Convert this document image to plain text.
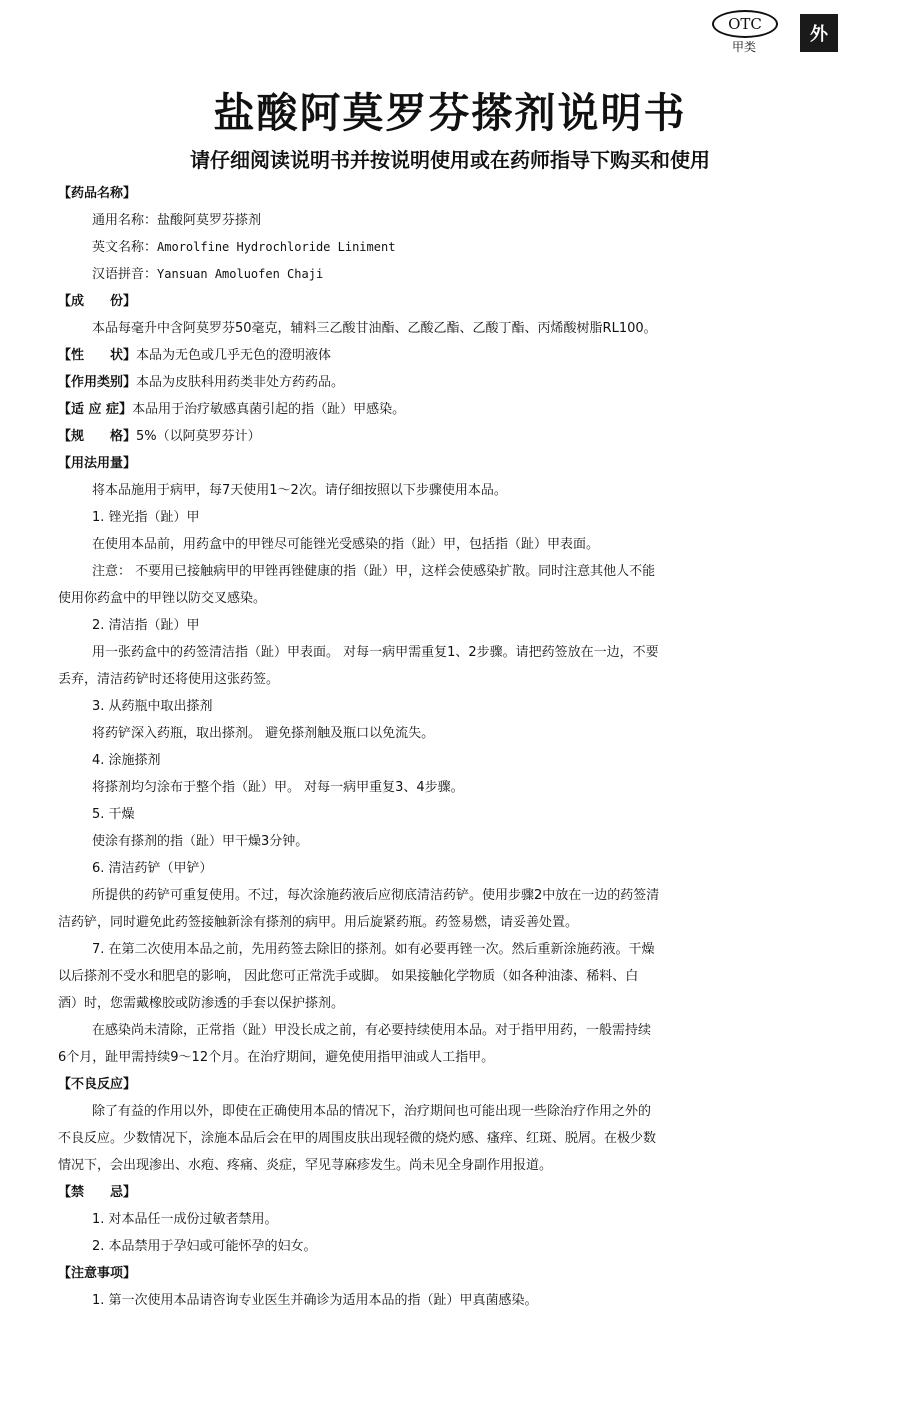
OTC
甲类
外
盐酸阿莫罗芬搽剂说明书
请仔细阅读说明书并按说明使用或在药师指导下购买和使用

【药品名称】

通用名称：盐酸阿莫罗芬搽剂

英文名称：Amorolfine Hydrochloride Liniment

汉语拼音：Yansuan Amoluofen Chaji

【成　　份】

本品每毫升中含阿莫罗芬50毫克，辅料三乙酸甘油酯、乙酸乙酯、乙酸丁酯、丙烯酸树脂RL100。

【性　　状】本品为无色或几乎无色的澄明液体

【作用类别】本品为皮肤科用药类非处方药药品。

【适 应 症】本品用于治疗敏感真菌引起的指（趾）甲感染。

【规　　格】5%（以阿莫罗芬计）

【用法用量】

将本品施用于病甲，每7天使用1～2次。请仔细按照以下步骤使用本品。

1. 锉光指（趾）甲

在使用本品前，用药盒中的甲锉尽可能锉光受感染的指（趾）甲，包括指（趾）甲表面。

注意： 不要用已接触病甲的甲锉再锉健康的指（趾）甲，这样会使感染扩散。同时注意其他人不能

使用你药盒中的甲锉以防交叉感染。

2. 清洁指（趾）甲

用一张药盒中的药签清洁指（趾）甲表面。 对每一病甲需重复1、2步骤。请把药签放在一边，不要

丢弃，清洁药铲时还将使用这张药签。

3. 从药瓶中取出搽剂

将药铲深入药瓶，取出搽剂。 避免搽剂触及瓶口以免流失。

4. 涂施搽剂

将搽剂均匀涂布于整个指（趾）甲。 对每一病甲重复3、4步骤。

5. 干燥

使涂有搽剂的指（趾）甲干燥3分钟。

6. 清洁药铲（甲铲）

所提供的药铲可重复使用。不过，每次涂施药液后应彻底清洁药铲。使用步骤2中放在一边的药签清

洁药铲，同时避免此药签接触新涂有搽剂的病甲。用后旋紧药瓶。药签易燃，请妥善处置。

7. 在第二次使用本品之前，先用药签去除旧的搽剂。如有必要再锉一次。然后重新涂施药液。干燥

以后搽剂不受水和肥皂的影响， 因此您可正常洗手或脚。 如果接触化学物质（如各种油漆、稀料、白

酒）时，您需戴橡胶或防渗透的手套以保护搽剂。

在感染尚未清除，正常指（趾）甲没长成之前，有必要持续使用本品。对于指甲用药，一般需持续

6个月，趾甲需持续9～12个月。在治疗期间，避免使用指甲油或人工指甲。

【不良反应】

除了有益的作用以外，即使在正确使用本品的情况下，治疗期间也可能出现一些除治疗作用之外的

不良反应。少数情况下，涂施本品后会在甲的周围皮肤出现轻微的烧灼感、瘙痒、红斑、脱屑。在极少数

情况下，会出现渗出、水疱、疼痛、炎症，罕见荨麻疹发生。尚未见全身副作用报道。

【禁　　忌】

1. 对本品任一成份过敏者禁用。

2. 本品禁用于孕妇或可能怀孕的妇女。

【注意事项】

1. 第一次使用本品请咨询专业医生并确诊为适用本品的指（趾）甲真菌感染。
